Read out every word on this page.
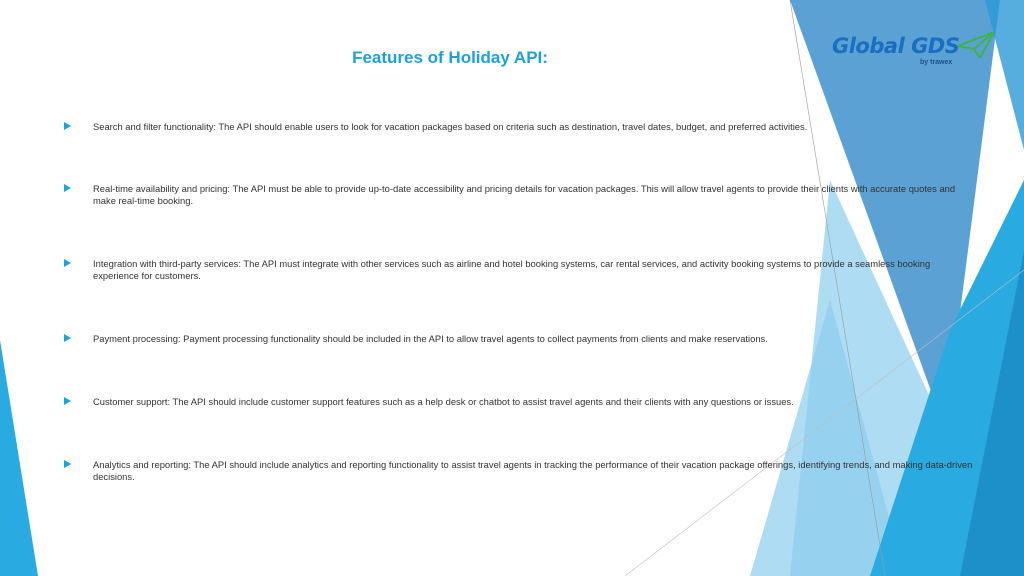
Features of Holiday API:	Global GDS
by trawex
Search and filter functionality: The API should enable users to look for vacation packages based on criteria such as destination, travel dates, budget, and preferred activities.
Real-time availability and pricing: The API must be able to provide up-to-date accessibility and pricing details for vacation packages. This will allow travel agents to provide their clients with accurate quotes and make real-time booking.
Integration with third-party services: The API must integrate with other services such as airline and hotel booking systems, car rental services, and activity booking systems to provide a seamless booking experience for customers.
Payment processing: Payment processing functionality should be included in the API to allow travel agents to collect payments from clients and make reservations.
Customer support: The API should include customer support features such as a help desk or chatbot to assist travel agents and their clients with any questions or issues.
Analytics and reporting: The API should include analytics and reporting functionality to assist travel agents in tracking the performance of their vacation package offerings, identifying trends, and making data-driven decisions.
